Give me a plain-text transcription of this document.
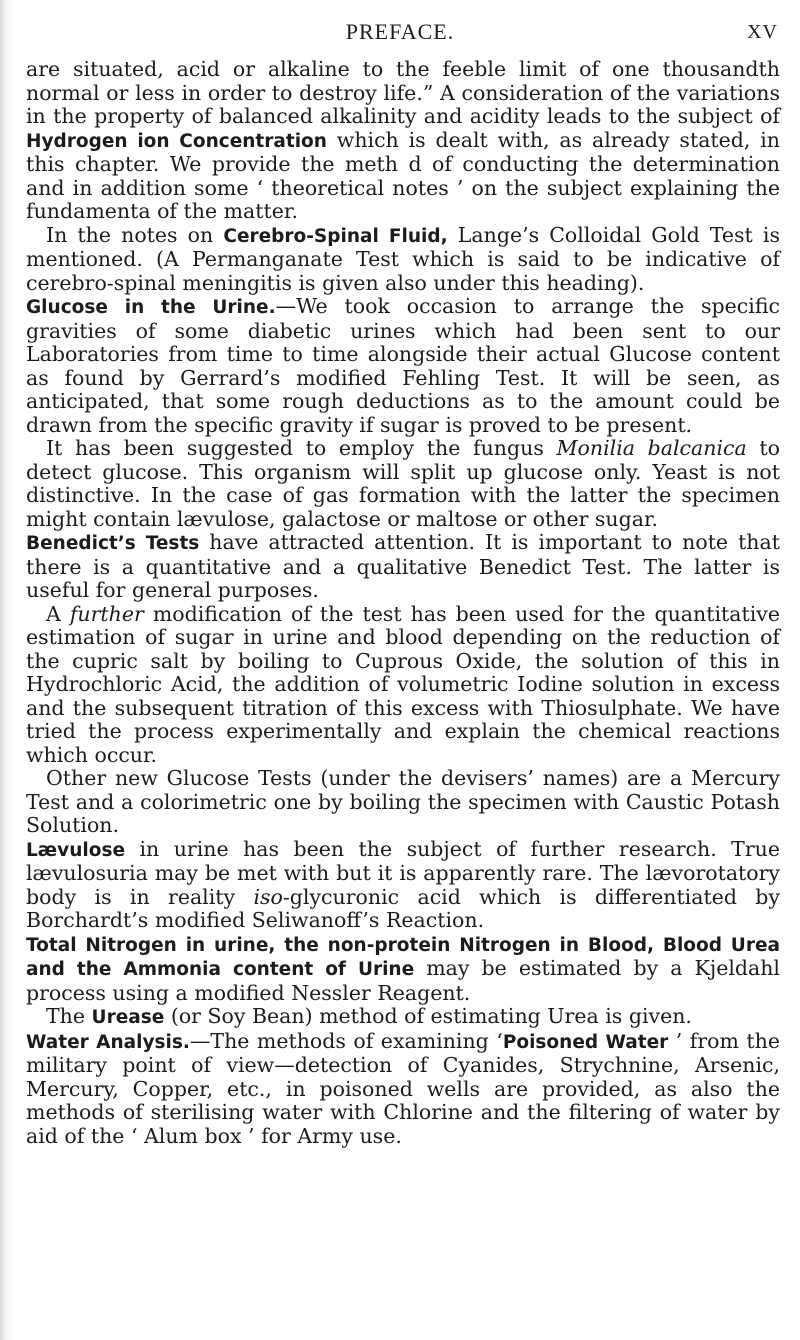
PREFACE.	XV

are situated, acid or alkaline to the feeble limit of one thousandth normal or less in order to destroy life.” A consideration of the variations in the property of balanced alkalinity and acidity leads to the subject of Hydrogen ion Concentration which is dealt with, as already stated, in this chapter. We provide the meth d of conducting the determination and in addition some ‘ theoretical notes ’ on the subject explaining the fundamenta of the matter.

In the notes on Cerebro-Spinal Fluid, Lange’s Colloidal Gold Test is mentioned. (A Permanganate Test which is said to be indicative of cerebro-spinal meningitis is given also under this heading).

Glucose in the Urine.—We took occasion to arrange the specific gravities of some diabetic urines which had been sent to our Laboratories from time to time alongside their actual Glucose content as found by Gerrard’s modified Fehling Test. It will be seen, as anticipated, that some rough deductions as to the amount could be drawn from the specific gravity if sugar is proved to be present.

It has been suggested to employ the fungus Monilia balcanica to detect glucose. This organism will split up glucose only. Yeast is not distinctive. In the case of gas formation with the latter the specimen might contain lævulose, galactose or maltose or other sugar.

Benedict’s Tests have attracted attention. It is important to note that there is a quantitative and a qualitative Benedict Test. The latter is useful for general purposes.

A further modification of the test has been used for the quantitative estimation of sugar in urine and blood depending on the reduction of the cupric salt by boiling to Cuprous Oxide, the solution of this in Hydrochloric Acid, the addition of volumetric Iodine solution in excess and the subsequent titration of this excess with Thiosulphate. We have tried the process experimentally and explain the chemical reactions which occur.

Other new Glucose Tests (under the devisers’ names) are a Mercury Test and a colorimetric one by boiling the specimen with Caustic Potash Solution.

Lævulose in urine has been the subject of further research. True lævulosuria may be met with but it is apparently rare. The lævorotatory body is in reality iso-glycuronic acid which is differentiated by Borchardt’s modified Seliwanoff’s Reaction.

Total Nitrogen in urine, the non-protein Nitrogen in Blood, Blood Urea and the Ammonia content of Urine may be estimated by a Kjeldahl process using a modified Nessler Reagent.

The Urease (or Soy Bean) method of estimating Urea is given.

Water Analysis.—The methods of examining ‘Poisoned Water ’ from the military point of view—detection of Cyanides, Strychnine, Arsenic, Mercury, Copper, etc., in poisoned wells are provided, as also the methods of sterilising water with Chlorine and the filtering of water by aid of the ‘ Alum box ’ for Army use.
